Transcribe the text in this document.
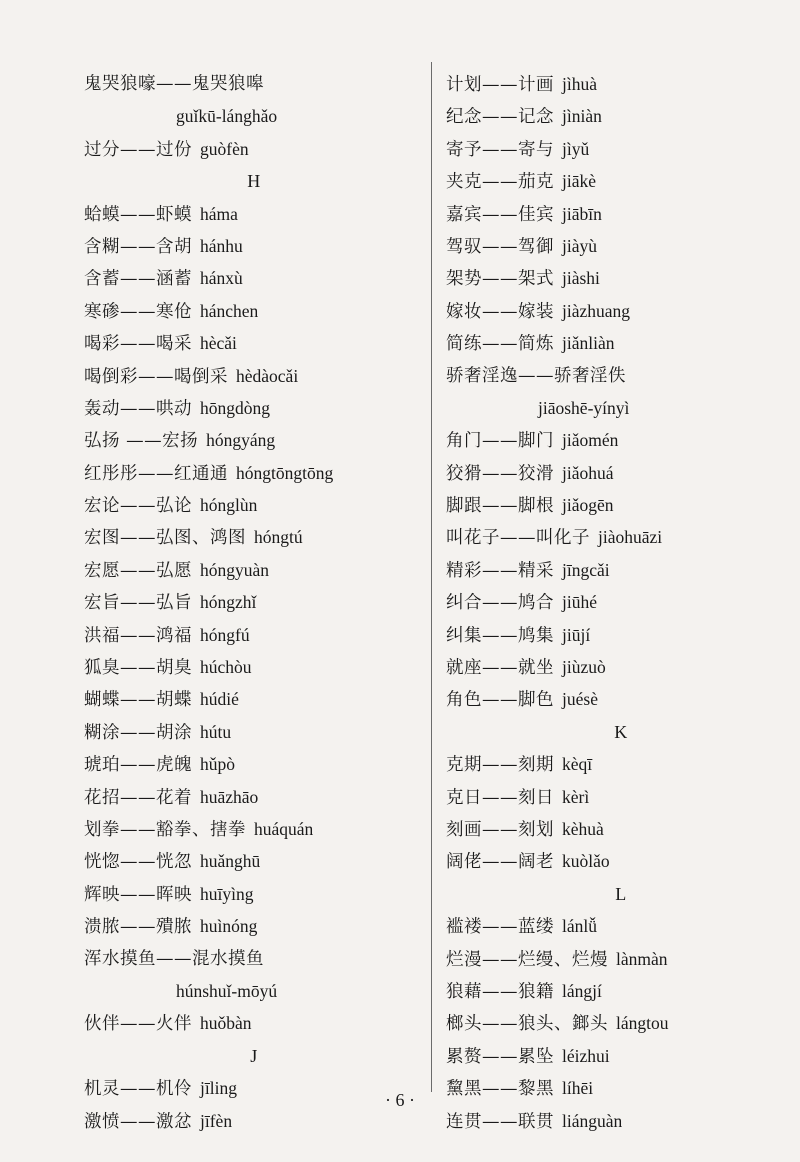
鬼哭狼嚎——鬼哭狼嗥
guǐkū-lánghǎo
过分——过份 guòfèn
H
蛤蟆——虾蟆 háma
含糊——含胡 hánhu
含蓄——涵蓄 hánxù
寒碜——寒伧 hánchen
喝彩——喝采 hècǎi
喝倒彩——喝倒采 hèdàocǎi
轰动——哄动 hōngdòng
弘扬 ——宏扬 hóngyáng
红彤彤——红通通 hóngtōngtōng
宏论——弘论 hónglùn
宏图——弘图、鸿图 hóngtú
宏愿——弘愿 hóngyuàn
宏旨——弘旨 hóngzhǐ
洪福——鸿福 hóngfú
狐臭——胡臭 húchòu
蝴蝶——胡蝶 húdié
糊涂——胡涂 hútu
琥珀——虎魄 hǔpò
花招——花着 huāzhāo
划拳——豁拳、搳拳 huáquán
恍惚——恍忽 huǎnghū
辉映——晖映 huīyìng
溃脓——殨脓 huìnóng
浑水摸鱼——混水摸鱼
húnshuǐ-mōyú
伙伴——火伴 huǒbàn
J
机灵——机伶 jīling
激愤——激忿 jīfèn
计划——计画 jìhuà
纪念——记念 jìniàn
寄予——寄与 jìyǔ
夹克——茄克 jiākè
嘉宾——佳宾 jiābīn
驾驭——驾御 jiàyù
架势——架式 jiàshi
嫁妆——嫁装 jiàzhuang
简练——简炼 jiǎnliàn
骄奢淫逸——骄奢淫佚
jiāoshē-yínyì
角门——脚门 jiǎomén
狡猾——狡滑 jiǎohuá
脚跟——脚根 jiǎogēn
叫花子——叫化子 jiàohuāzi
精彩——精采 jīngcǎi
纠合——鸠合 jiūhé
纠集——鸠集 jiūjí
就座——就坐 jiùzuò
角色——脚色 juésè
K
克期——刻期 kèqī
克日——刻日 kèrì
刻画——刻划 kèhuà
阔佬——阔老 kuòlǎo
L
褴褛——蓝缕 lánlǚ
烂漫——烂缦、烂熳 lànmàn
狼藉——狼籍 lángjí
榔头——狼头、鎯头 lángtou
累赘——累坠 léizhui
黧黑——黎黑 líhēi
连贯——联贯 liánguàn
· 6 ·
